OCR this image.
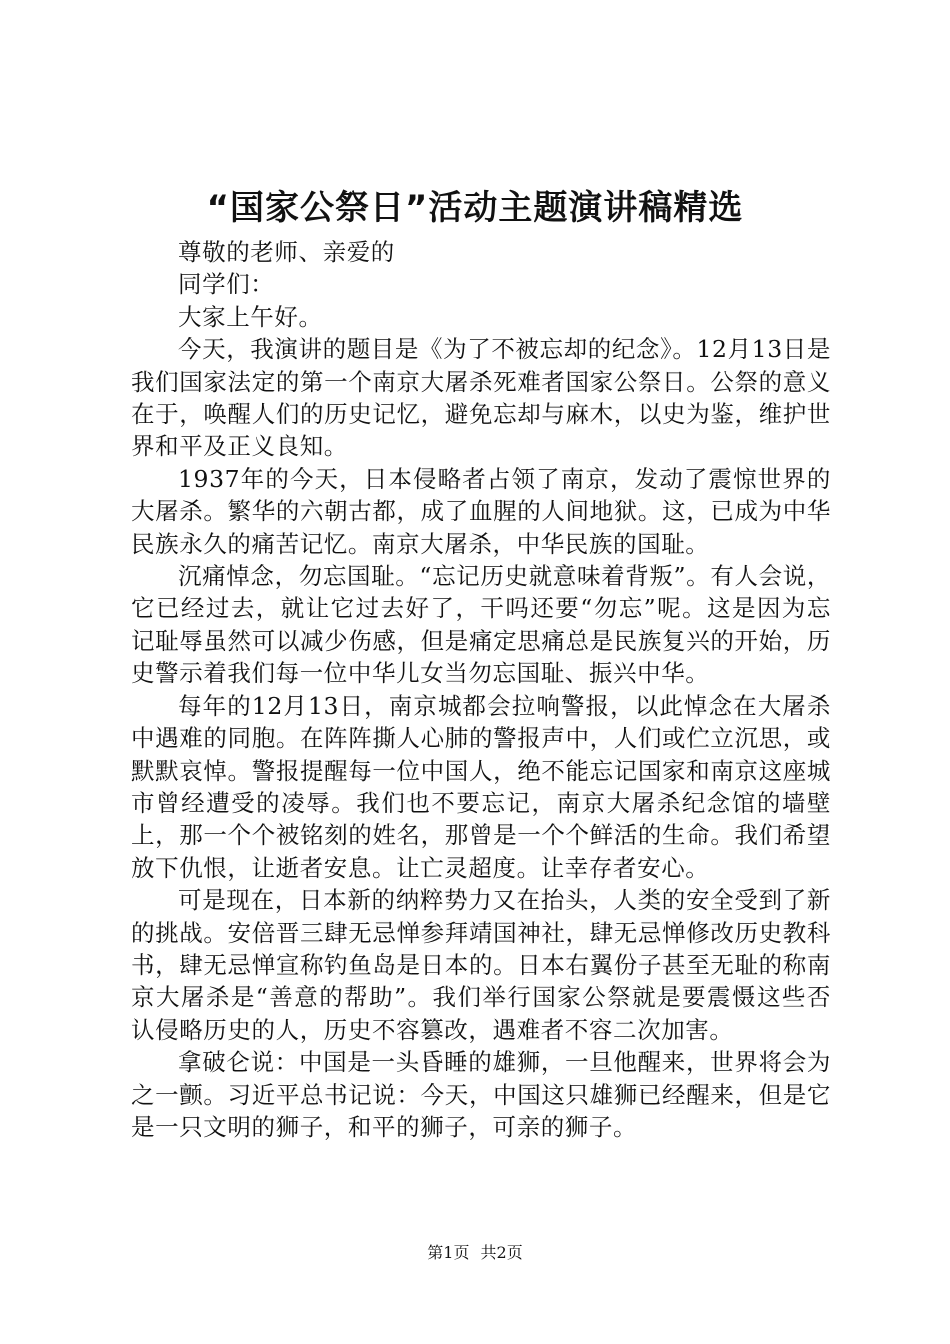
“国家公祭日”活动主题演讲稿精选

尊敬的老师、亲爱的

同学们：

大家上午好。

今天，我演讲的题目是《为了不被忘却的纪念》。12月13日是我们国家法定的第一个南京大屠杀死难者国家公祭日。公祭的意义在于，唤醒人们的历史记忆，避免忘却与麻木，以史为鉴，维护世界和平及正义良知。

1937年的今天，日本侵略者占领了南京，发动了震惊世界的大屠杀。繁华的六朝古都，成了血腥的人间地狱。这，已成为中华民族永久的痛苦记忆。南京大屠杀，中华民族的国耻。

沉痛悼念，勿忘国耻。“忘记历史就意味着背叛”。有人会说，它已经过去，就让它过去好了，干吗还要“勿忘”呢。这是因为忘记耻辱虽然可以减少伤感，但是痛定思痛总是民族复兴的开始，历史警示着我们每一位中华儿女当勿忘国耻、振兴中华。

每年的12月13日，南京城都会拉响警报，以此悼念在大屠杀中遇难的同胞。在阵阵撕人心肺的警报声中，人们或伫立沉思，或默默哀悼。警报提醒每一位中国人，绝不能忘记国家和南京这座城市曾经遭受的凌辱。我们也不要忘记，南京大屠杀纪念馆的墙壁上，那一个个被铭刻的姓名，那曾是一个个鲜活的生命。我们希望放下仇恨，让逝者安息。让亡灵超度。让幸存者安心。

可是现在，日本新的纳粹势力又在抬头，人类的安全受到了新的挑战。安倍晋三肆无忌惮参拜靖国神社，肆无忌惮修改历史教科书，肆无忌惮宣称钓鱼岛是日本的。日本右翼份子甚至无耻的称南京大屠杀是“善意的帮助”。我们举行国家公祭就是要震慑这些否认侵略历史的人，历史不容篡改，遇难者不容二次加害。

拿破仑说：中国是一头昏睡的雄狮，一旦他醒来，世界将会为之一颤。习近平总书记说：今天，中国这只雄狮已经醒来，但是它是一只文明的狮子，和平的狮子，可亲的狮子。

第1页 共2页
